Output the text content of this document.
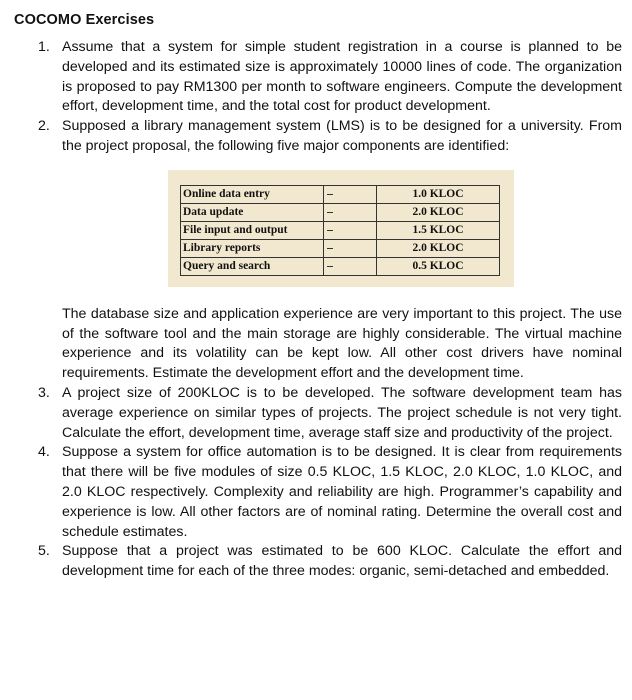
COCOMO Exercises
Assume that a system for simple student registration in a course is planned to be developed and its estimated size is approximately 10000 lines of code. The organization is proposed to pay RM1300 per month to software engineers. Compute the development effort, development time, and the total cost for product development.
Supposed a library management system (LMS) is to be designed for a university. From the project proposal, the following five major components are identified:
Online data entry		1.0 KLOC
Data update		2.0 KLOC
File input and output		1.5 KLOC
Library reports		2.0 KLOC
Query and search		0.5 KLOC
The database size and application experience are very important to this project. The use of the software tool and the main storage are highly considerable. The virtual machine experience and its volatility can be kept low. All other cost drivers have nominal requirements. Estimate the development effort and the development time.
A project size of 200KLOC is to be developed. The software development team has average experience on similar types of projects. The project schedule is not very tight. Calculate the effort, development time, average staff size and productivity of the project.
Suppose a system for office automation is to be designed. It is clear from requirements that there will be five modules of size 0.5 KLOC, 1.5 KLOC, 2.0 KLOC, 1.0 KLOC, and 2.0 KLOC respectively. Complexity and reliability are high. Programmer’s capability and experience is low. All other factors are of nominal rating. Determine the overall cost and schedule estimates.
Suppose that a project was estimated to be 600 KLOC. Calculate the effort and development time for each of the three modes: organic, semi-detached and embedded.
